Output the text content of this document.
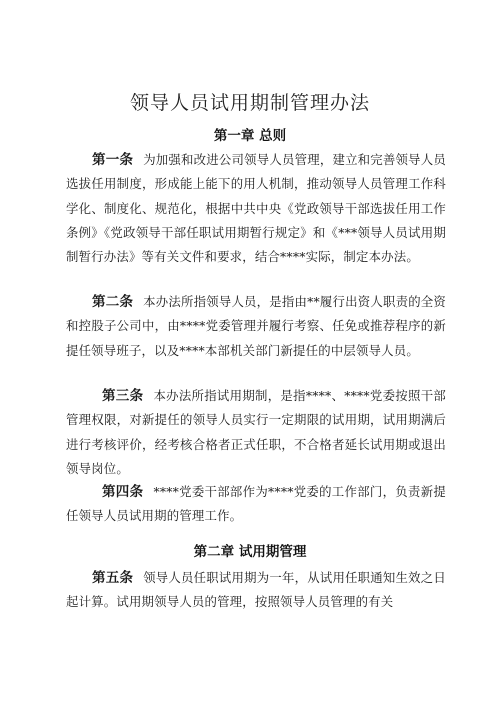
领导人员试用期制管理办法
第一章 总则
第一条 为加强和改进公司领导人员管理，建立和完善领导人员选拔任用制度，形成能上能下的用人机制，推动领导人员管理工作科学化、制度化、规范化，根据中共中央《党政领导干部选拔任用工作条例》《党政领导干部任职试用期暂行规定》和《***领导人员试用期制暂行办法》等有关文件和要求，结合****实际，制定本办法。
第二条 本办法所指领导人员，是指由**履行出资人职责的全资和控股子公司中，由****党委管理并履行考察、任免或推荐程序的新提任领导班子，以及****本部机关部门新提任的中层领导人员。
第三条 本办法所指试用期制，是指****、****党委按照干部管理权限，对新提任的领导人员实行一定期限的试用期，试用期满后进行考核评价，经考核合格者正式任职，不合格者延长试用期或退出领导岗位。
第四条 ****党委干部部作为****党委的工作部门，负责新提任领导人员试用期的管理工作。
第二章 试用期管理
第五条 领导人员任职试用期为一年，从试用任职通知生效之日起计算。试用期领导人员的管理，按照领导人员管理的有关
